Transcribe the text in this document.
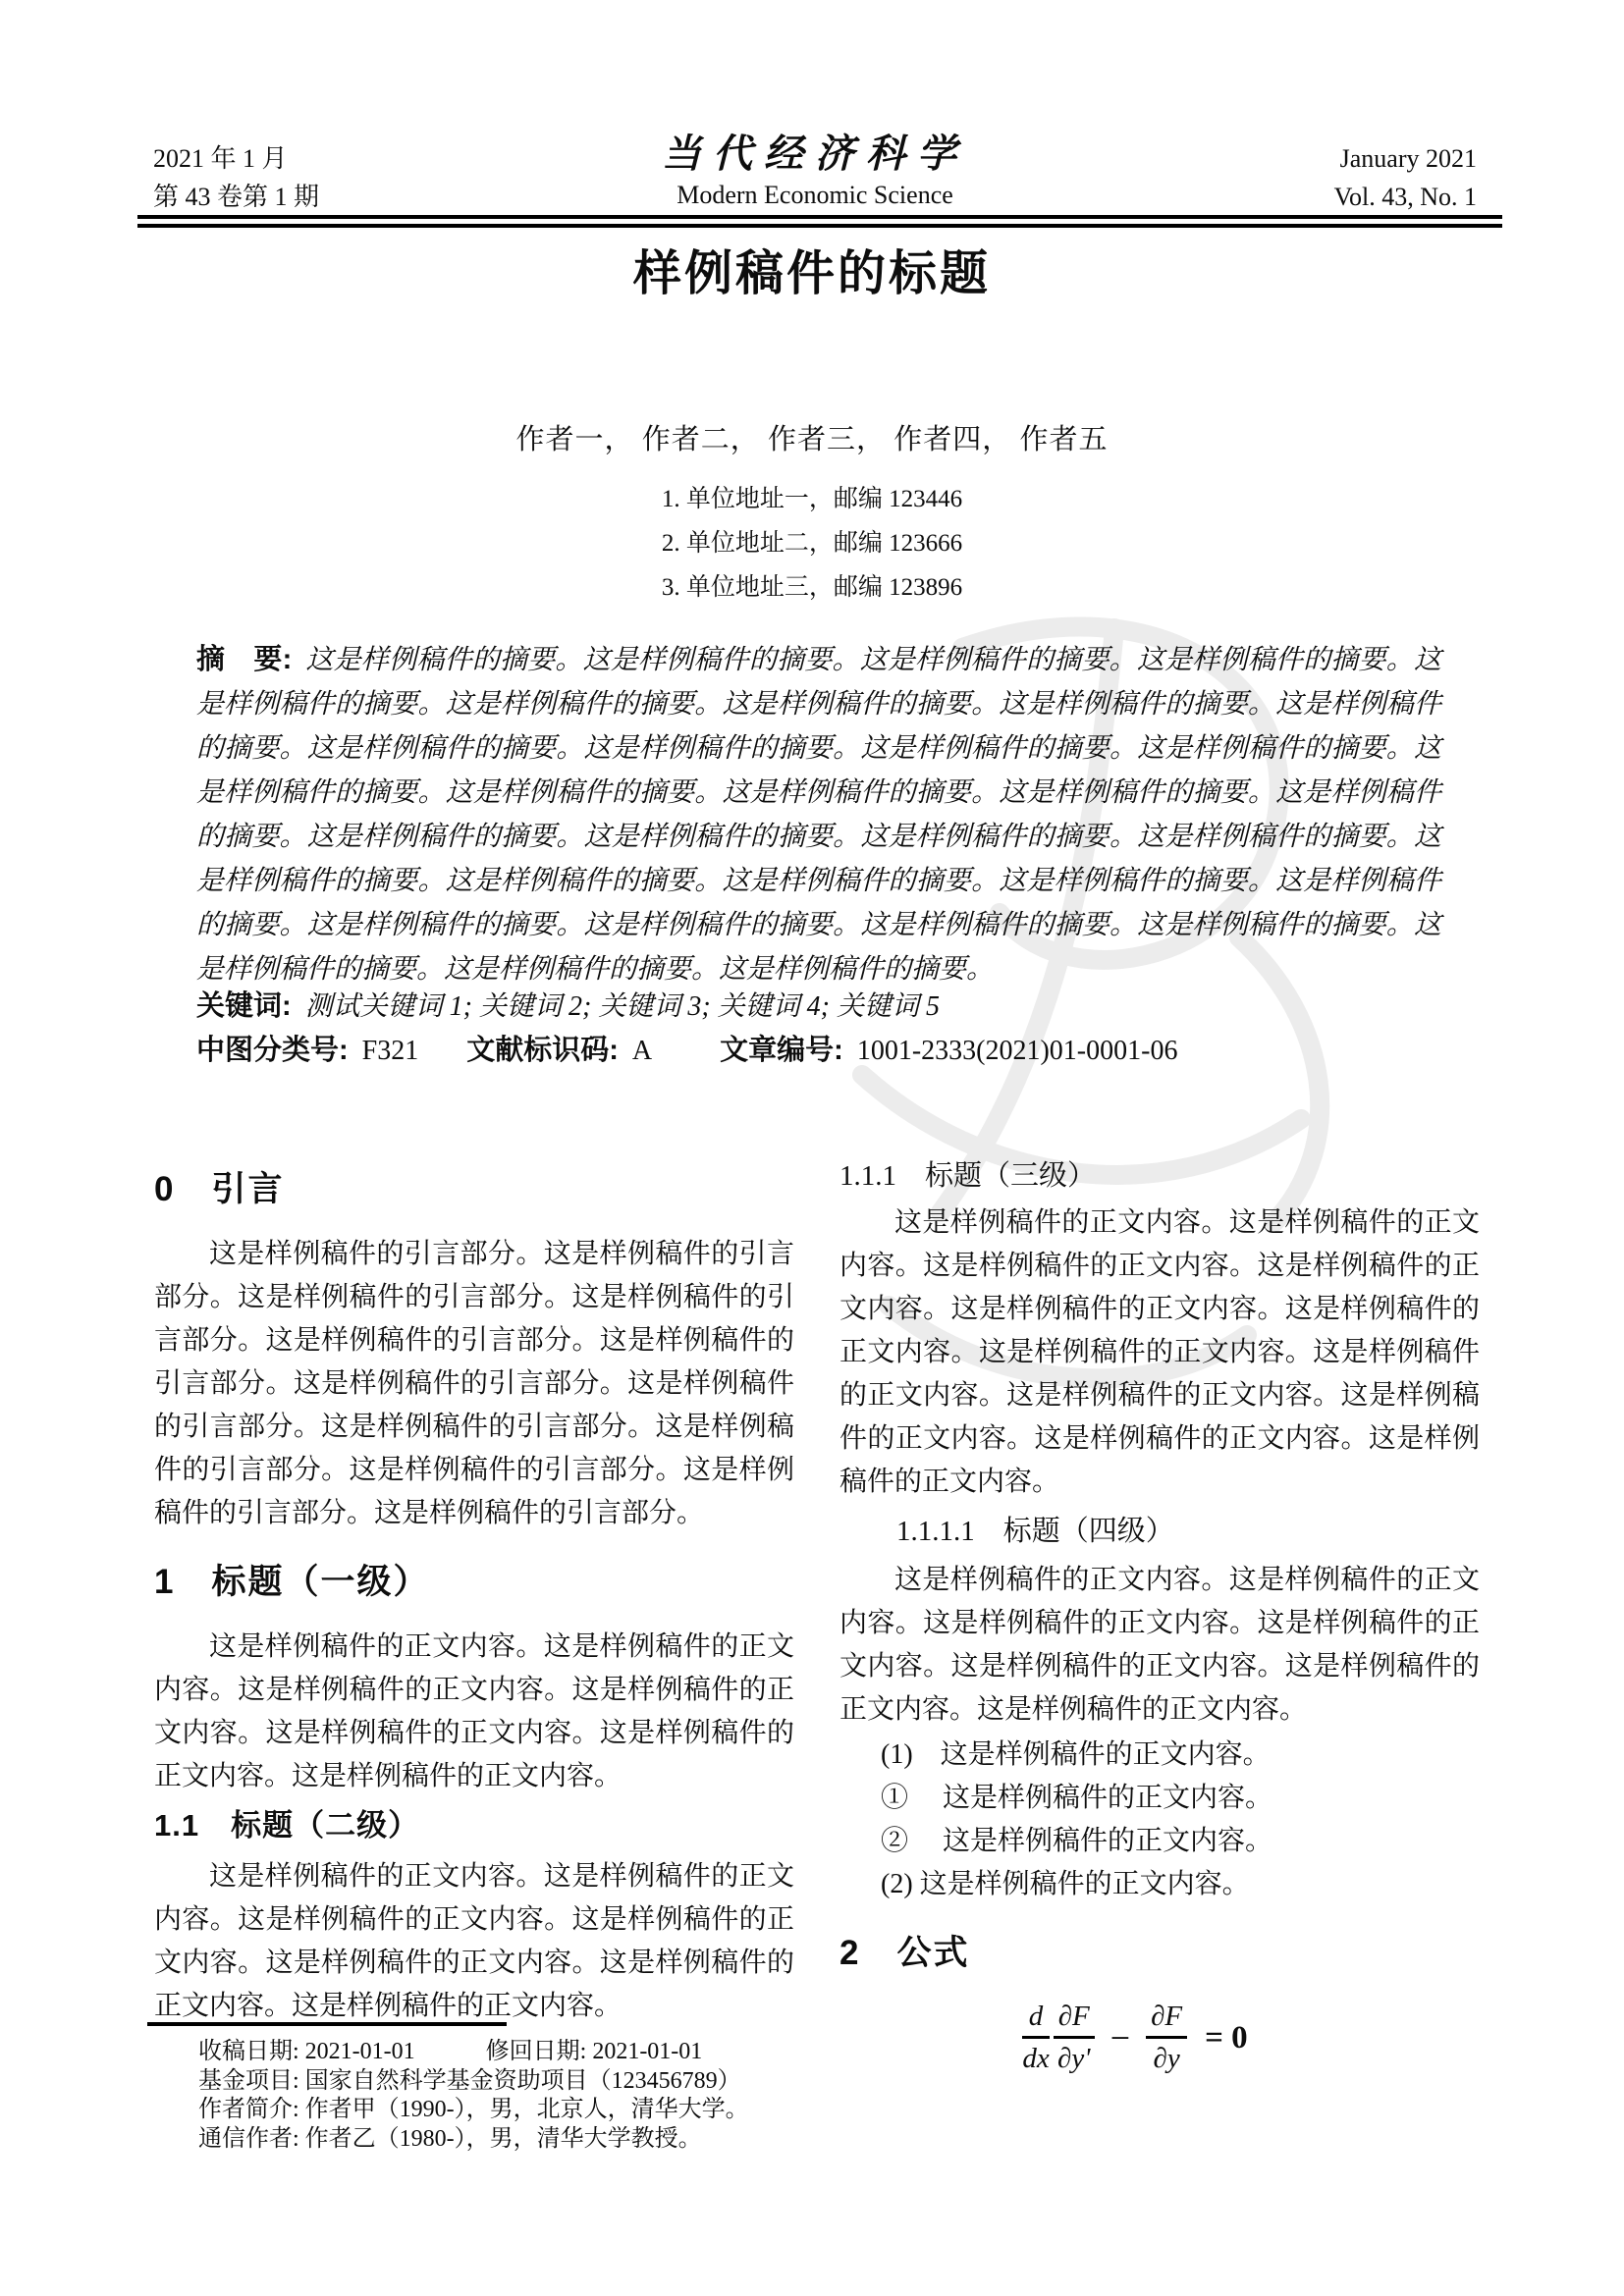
2021 年 1 月
第 43 卷第 1 期
当代经济科学
Modern Economic Science
January 2021
Vol. 43, No. 1
样例稿件的标题
作者一， 作者二， 作者三， 作者四， 作者五
1. 单位地址一，邮编 123446
2. 单位地址二，邮编 123666
3. 单位地址三，邮编 123896

摘　要: 这是样例稿件的摘要。这是样例稿件的摘要。这是样例稿件的摘要。这是样例稿件的摘要。这是样例稿件的摘要。这是样例稿件的摘要。这是样例稿件的摘要。这是样例稿件的摘要。这是样例稿件的摘要。这是样例稿件的摘要。这是样例稿件的摘要。这是样例稿件的摘要。这是样例稿件的摘要。这是样例稿件的摘要。这是样例稿件的摘要。这是样例稿件的摘要。这是样例稿件的摘要。这是样例稿件的摘要。这是样例稿件的摘要。这是样例稿件的摘要。这是样例稿件的摘要。这是样例稿件的摘要。这是样例稿件的摘要。这是样例稿件的摘要。这是样例稿件的摘要。这是样例稿件的摘要。这是样例稿件的摘要。这是样例稿件的摘要。这是样例稿件的摘要。这是样例稿件的摘要。这是样例稿件的摘要。这是样例稿件的摘要。这是样例稿件的摘要。这是样例稿件的摘要。

关键词: 测试关键词 1; 关键词 2; 关键词 3; 关键词 4; 关键词 5
中图分类号: F321 文献标识码: A 文章编号: 1001-2333(2021)01-0001-06
0　引言

这是样例稿件的引言部分。这是样例稿件的引言部分。这是样例稿件的引言部分。这是样例稿件的引言部分。这是样例稿件的引言部分。这是样例稿件的引言部分。这是样例稿件的引言部分。这是样例稿件的引言部分。这是样例稿件的引言部分。这是样例稿件的引言部分。这是样例稿件的引言部分。这是样例稿件的引言部分。这是样例稿件的引言部分。

1　标题（一级）

这是样例稿件的正文内容。这是样例稿件的正文内容。这是样例稿件的正文内容。这是样例稿件的正文内容。这是样例稿件的正文内容。这是样例稿件的正文内容。这是样例稿件的正文内容。

1.1　标题（二级）

这是样例稿件的正文内容。这是样例稿件的正文内容。这是样例稿件的正文内容。这是样例稿件的正文内容。这是样例稿件的正文内容。这是样例稿件的正文内容。这是样例稿件的正文内容。

1.1.1　标题（三级）

这是样例稿件的正文内容。这是样例稿件的正文内容。这是样例稿件的正文内容。这是样例稿件的正文内容。这是样例稿件的正文内容。这是样例稿件的正文内容。这是样例稿件的正文内容。这是样例稿件的正文内容。这是样例稿件的正文内容。这是样例稿件的正文内容。这是样例稿件的正文内容。这是样例稿件的正文内容。

1.1.1.1　标题（四级）

这是样例稿件的正文内容。这是样例稿件的正文内容。这是样例稿件的正文内容。这是样例稿件的正文内容。这是样例稿件的正文内容。这是样例稿件的正文内容。这是样例稿件的正文内容。

(1)　这是样例稿件的正文内容。
①　 这是样例稿件的正文内容。
②　 这是样例稿件的正文内容。
(2) 这是样例稿件的正文内容。
2　公式
$\frac{d}{dx} \frac{\partial F}{\partial y'} - \frac{\partial F}{\partial y} = 0$
收稿日期: 2021-01-01　　　修回日期: 2021-01-01
基金项目: 国家自然科学基金资助项目（123456789）
作者简介: 作者甲（1990-），男，北京人，清华大学。
通信作者: 作者乙（1980-），男，清华大学教授。
